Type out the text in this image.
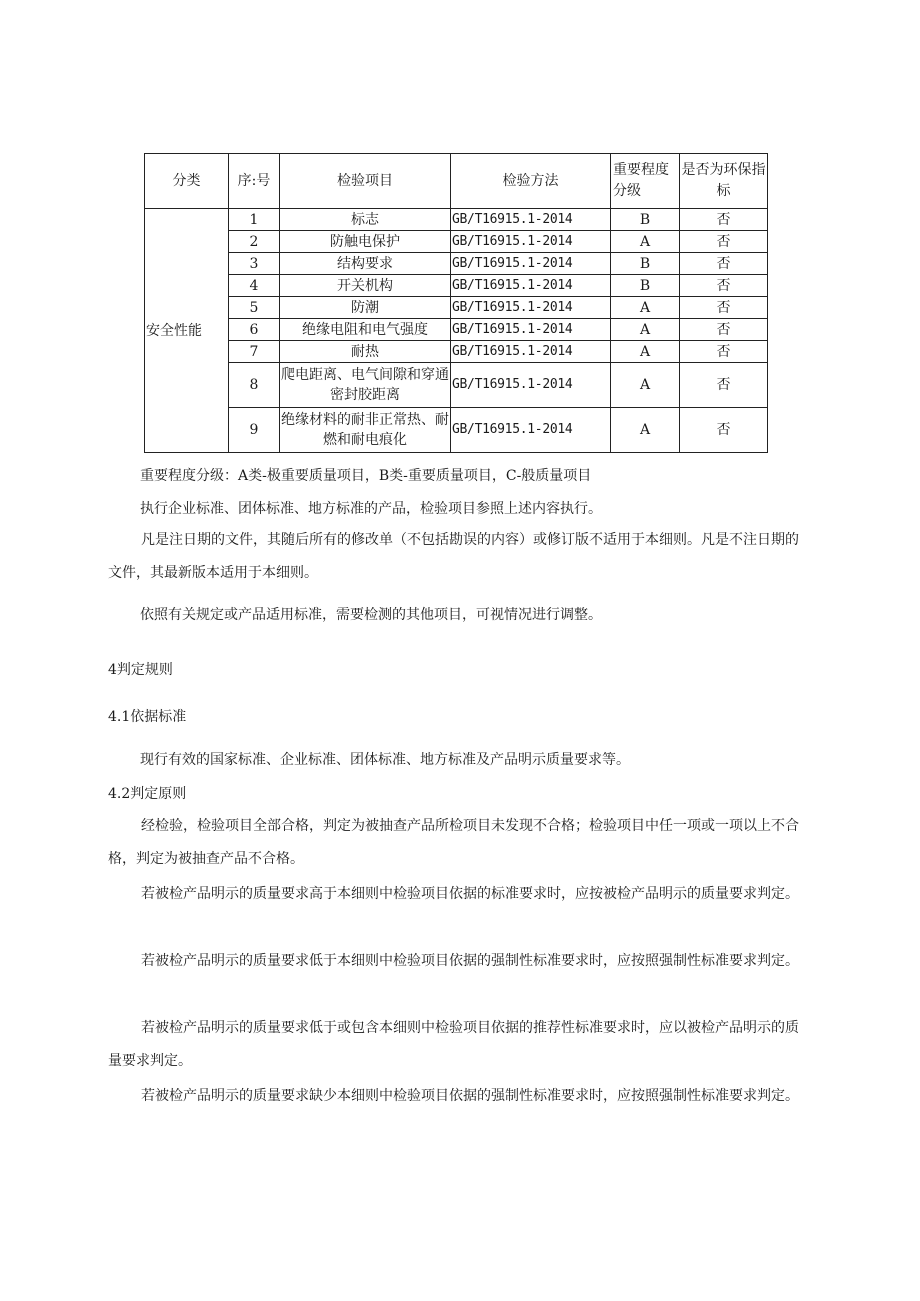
分类	序:号	检验项目	检验方法	重要程度分级	是否为环保指标
安全性能	1	标志	GB/T16915.1-2014	B	否
	2	防触电保护	GB/T16915.1-2014	A	否
	3	结构要求	GB/T16915.1-2014	B	否
	4	开关机构	GB/T16915.1-2014	B	否
	5	防潮	GB/T16915.1-2014	A	否
	6	绝缘电阻和电气强度	GB/T16915.1-2014	A	否
	7	耐热	GB/T16915.1-2014	A	否
	8	爬电距离、电气间隙和穿通密封胶距离	GB/T16915.1-2014	A	否
	9	绝缘材料的耐非正常热、耐燃和耐电痕化	GB/T16915.1-2014	A	否
重要程度分级：A类-极重要质量项目，B类-重要质量项目，C-般质量项目
执行企业标准、团体标准、地方标准的产品，检验项目参照上述内容执行。
凡是注日期的文件，其随后所有的修改单（不包括勘误的内容）或修订版不适用于本细则。凡是不注日期的文件，其最新版本适用于本细则。
依照有关规定或产品适用标准，需要检测的其他项目，可视情况进行调整。
4判定规则
4.1依据标准
现行有效的国家标准、企业标准、团体标准、地方标准及产品明示质量要求等。
4.2判定原则
经检验，检验项目全部合格，判定为被抽查产品所检项目未发现不合格；检验项目中任一项或一项以上不合格，判定为被抽查产品不合格。
若被检产品明示的质量要求高于本细则中检验项目依据的标准要求时，应按被检产品明示的质量要求判定。
若被检产品明示的质量要求低于本细则中检验项目依据的强制性标准要求时，应按照强制性标准要求判定。
若被检产品明示的质量要求低于或包含本细则中检验项目依据的推荐性标准要求时，应以被检产品明示的质量要求判定。
若被检产品明示的质量要求缺少本细则中检验项目依据的强制性标准要求时，应按照强制性标准要求判定。
